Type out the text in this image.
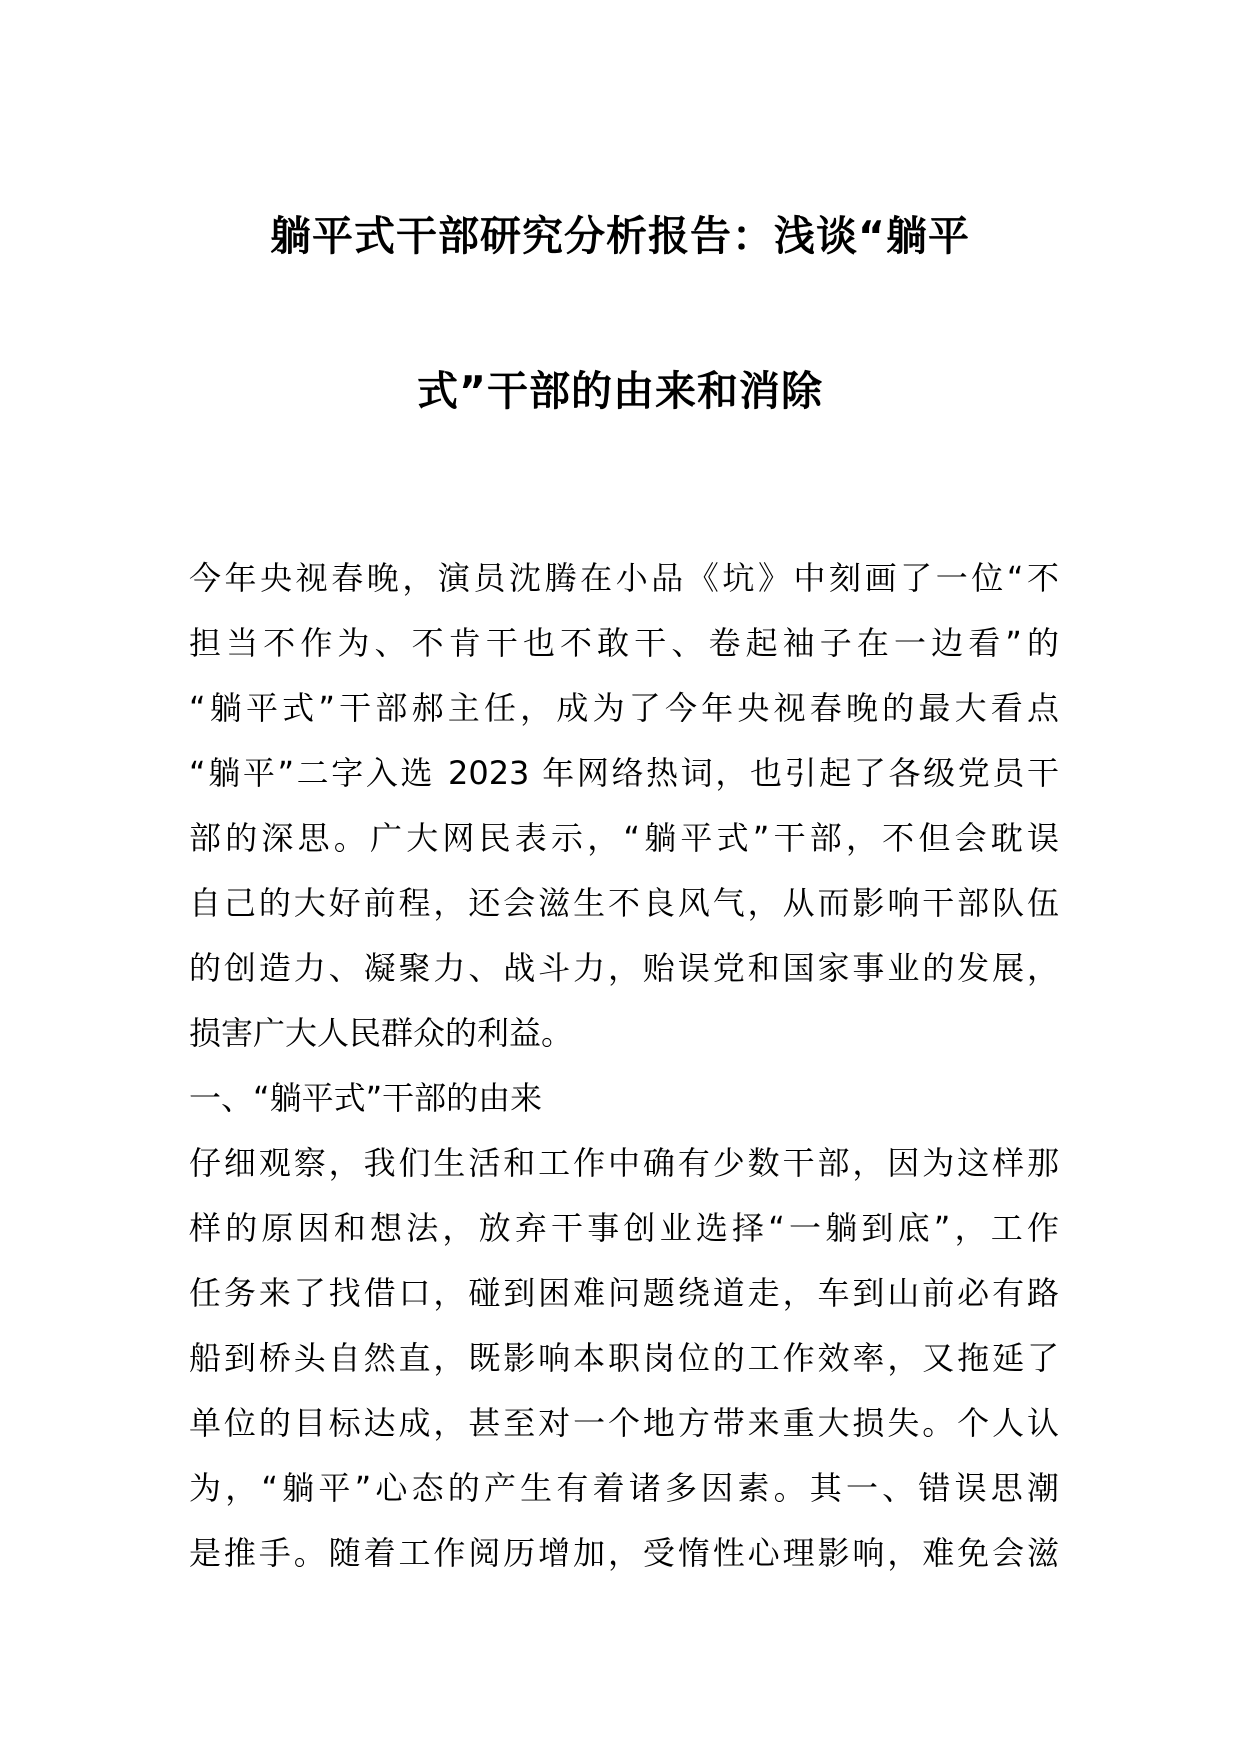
躺平式干部研究分析报告：浅谈“躺平
式”干部的由来和消除
今年央视春晚，演员沈腾在小品《坑》中刻画了一位“不
担当不作为、不肯干也不敢干、卷起袖子在一边看”的
“躺平式”干部郝主任，成为了今年央视春晚的最大看点
“躺平”二字入选 2023 年网络热词，也引起了各级党员干
部的深思。广大网民表示，“躺平式”干部，不但会耽误
自己的大好前程，还会滋生不良风气，从而影响干部队伍
的创造力、凝聚力、战斗力，贻误党和国家事业的发展，
损害广大人民群众的利益。
一、“躺平式”干部的由来
仔细观察，我们生活和工作中确有少数干部，因为这样那
样的原因和想法，放弃干事创业选择“一躺到底”，工作
任务来了找借口，碰到困难问题绕道走，车到山前必有路
船到桥头自然直，既影响本职岗位的工作效率，又拖延了
单位的目标达成，甚至对一个地方带来重大损失。个人认
为，“躺平”心态的产生有着诸多因素。其一、错误思潮
是推手。随着工作阅历增加，受惰性心理影响，难免会滋
